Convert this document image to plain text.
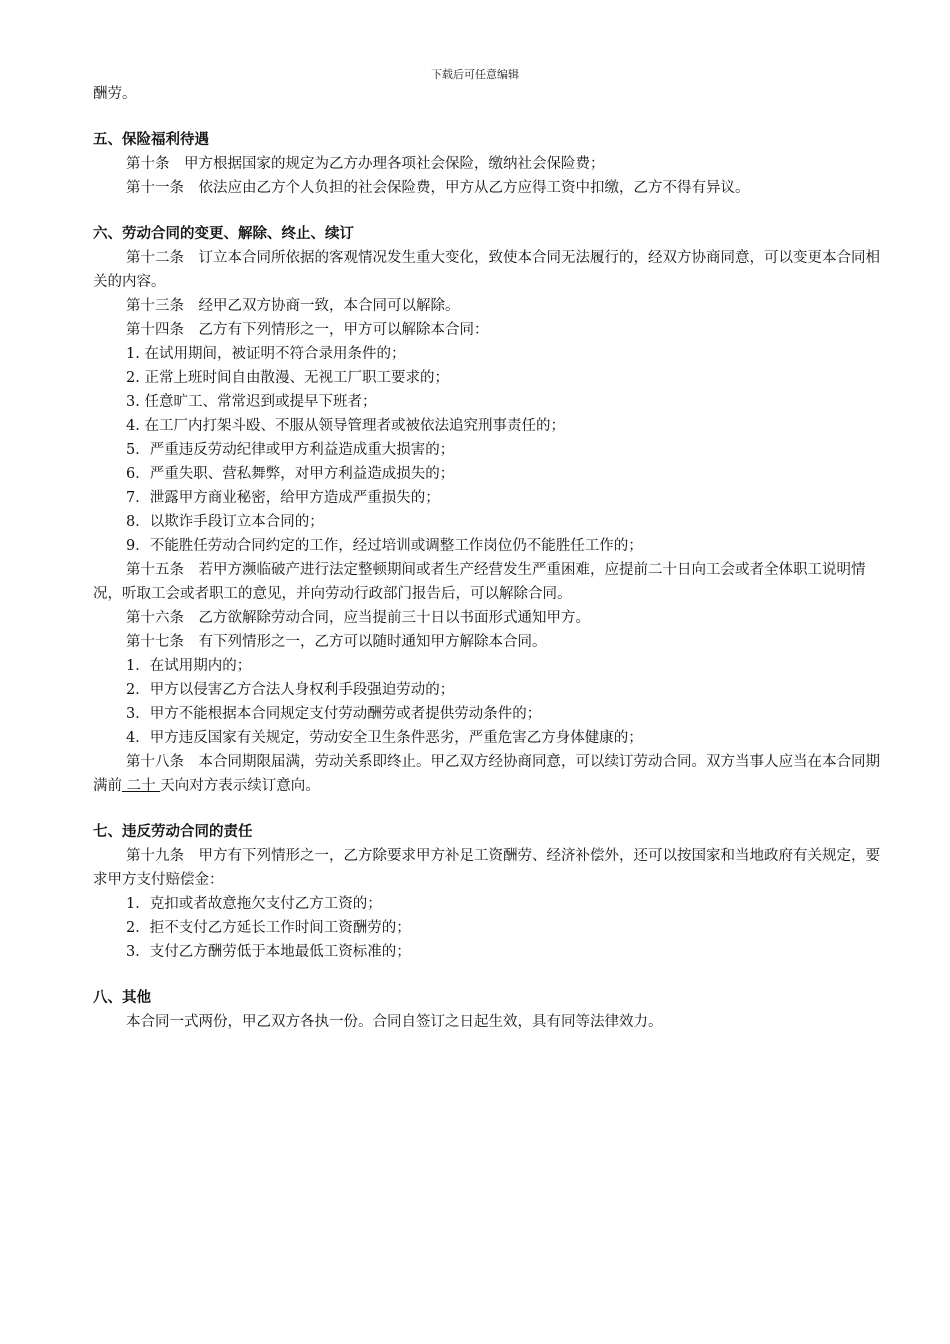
下载后可任意编辑
酬劳。
五、保险福利待遇
第十条　甲方根据国家的规定为乙方办理各项社会保险，缴纳社会保险费；
第十一条　依法应由乙方个人负担的社会保险费，甲方从乙方应得工资中扣缴，乙方不得有异议。
六、劳动合同的变更、解除、终止、续订
第十二条　订立本合同所依据的客观情况发生重大变化，致使本合同无法履行的，经双方协商同意，可以变更本合同相关的内容。
第十三条　经甲乙双方协商一致，本合同可以解除。
第十四条　乙方有下列情形之一，甲方可以解除本合同：
1. 在试用期间，被证明不符合录用条件的；
2. 正常上班时间自由散漫、无视工厂职工要求的；
3. 任意旷工、常常迟到或提早下班者；
4. 在工厂内打架斗殴、不服从领导管理者或被依法追究刑事责任的；
5．严重违反劳动纪律或甲方利益造成重大损害的；
6．严重失职、营私舞弊，对甲方利益造成损失的；
7．泄露甲方商业秘密，给甲方造成严重损失的；
8．以欺诈手段订立本合同的；
9．不能胜任劳动合同约定的工作，经过培训或调整工作岗位仍不能胜任工作的；
第十五条　若甲方濒临破产进行法定整顿期间或者生产经营发生严重困难，应提前二十日向工会或者全体职工说明情况，听取工会或者职工的意见，并向劳动行政部门报告后，可以解除合同。
第十六条　乙方欲解除劳动合同，应当提前三十日以书面形式通知甲方。
第十七条　有下列情形之一，乙方可以随时通知甲方解除本合同。
1．在试用期内的；
2．甲方以侵害乙方合法人身权利手段强迫劳动的；
3．甲方不能根据本合同规定支付劳动酬劳或者提供劳动条件的；
4．甲方违反国家有关规定，劳动安全卫生条件恶劣，严重危害乙方身体健康的；
第十八条　本合同期限届满，劳动关系即终止。甲乙双方经协商同意，可以续订劳动合同。双方当事人应当在本合同期满前 二十 天向对方表示续订意向。
七、违反劳动合同的责任
第十九条　甲方有下列情形之一，乙方除要求甲方补足工资酬劳、经济补偿外，还可以按国家和当地政府有关规定，要求甲方支付赔偿金：
1．克扣或者故意拖欠支付乙方工资的；
2．拒不支付乙方延长工作时间工资酬劳的；
3．支付乙方酬劳低于本地最低工资标准的；
八、其他
本合同一式两份，甲乙双方各执一份。合同自签订之日起生效，具有同等法律效力。
